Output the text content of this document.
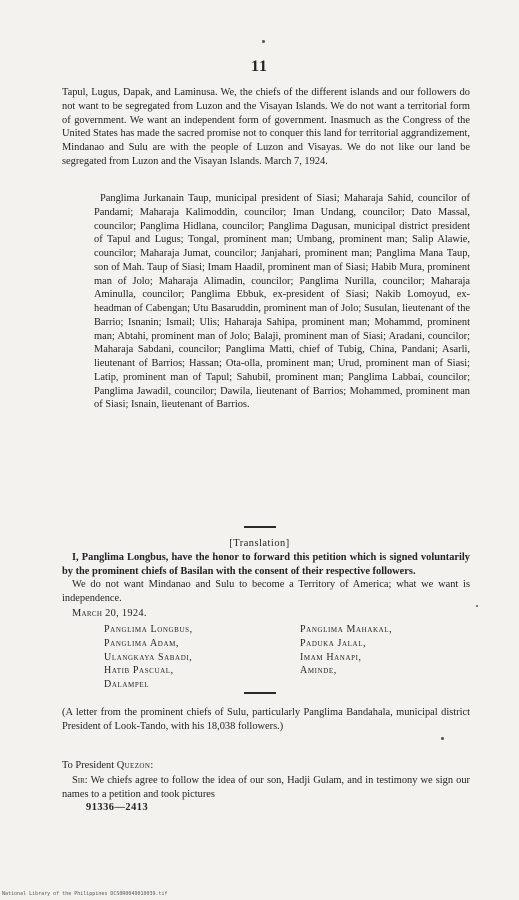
11
Tapul, Lugus, Dapak, and Laminusa. We, the chiefs of the different islands and our followers do not want to be segregated from Luzon and the Visayan Islands. We do not want a territorial form of government. We want an independent form of government. Inasmuch as the Congress of the United States has made the sacred promise not to conquer this land for territorial aggrandizement, Mindanao and Sulu are with the people of Luzon and Visayas. We do not like our land be segregated from Luzon and the Visayan Islands. March 7, 1924.
Panglima Jurkanain Taup, municipal president of Siasi; Maharaja Sahid, councilor of Pandami; Maharaja Kalimoddin, councilor; Iman Undang, councilor; Dato Massal, councilor; Panglima Hidlana, councilor; Panglima Dagusan, municipal district president of Tapul and Lugus; Tongal, prominent man; Umbang, prominent man; Salip Alawie, councilor; Maharaja Jumat, councilor; Janjahari, prominent man; Panglima Mana Taup, son of Mah. Taup of Siasi; Imam Haadil, prominent man of Siasi; Habib Mura, prominent man of Jolo; Maharaja Alimadin, councilor; Panglima Nurilla, councilor; Maharaja Aminulla, councilor; Panglima Ebbuk, ex-president of Siasi; Nakib Lomoyud, ex-headman of Cabengan; Utu Basaruddin, prominent man of Jolo; Susulan, lieutenant of the Barrio; Isnanin; Ismail; Ulis; Haharaja Sahipa, prominent man; Mohammd, prominent man; Abtahi, prominent man of Jolo; Balaji, prominent man of Siasi; Aradani, councilor; Maharaja Sabdani, councilor; Panglima Matti, chief of Tubig, China, Pandani; Asarli, lieutenant of Barrios; Hassan; Ota-olla, prominent man; Urud, prominent man of Siasi; Latip, prominent man of Tapul; Sahubil, prominent man; Panglima Labbai, councilor; Panglima Jawadil, councilor; Dawila, lieutenant of Barrios; Mohammed, prominent man of Siasi; Isnain, lieutenant of Barrios.
[Translation]
I, Panglima Longbus, have the honor to forward this petition which is signed voluntarily by the prominent chiefs of Basilan with the consent of their respective followers.
We do not want Mindanao and Sulu to become a Territory of America; what we want is independence.
March 20, 1924.
Panglima Longbus,
Panglima Adam,
Ulangkaya Sabadi,
Hatib Pascual,
Dalampel
Panglima Mahakal,
Paduka Jalal,
Imam Hanapi,
Aminde,
(A letter from the prominent chiefs of Sulu, particularly Panglima Bandahala, municipal district President of Look-Tando, with his 18,038 followers.)
To President Quezon:
Sir: We chiefs agree to follow the idea of our son, Hadji Gulam, and in testimony we sign our names to a petition and took pictures
91336—2413
National Library of the Philippines DCS0R0049010039.tif
